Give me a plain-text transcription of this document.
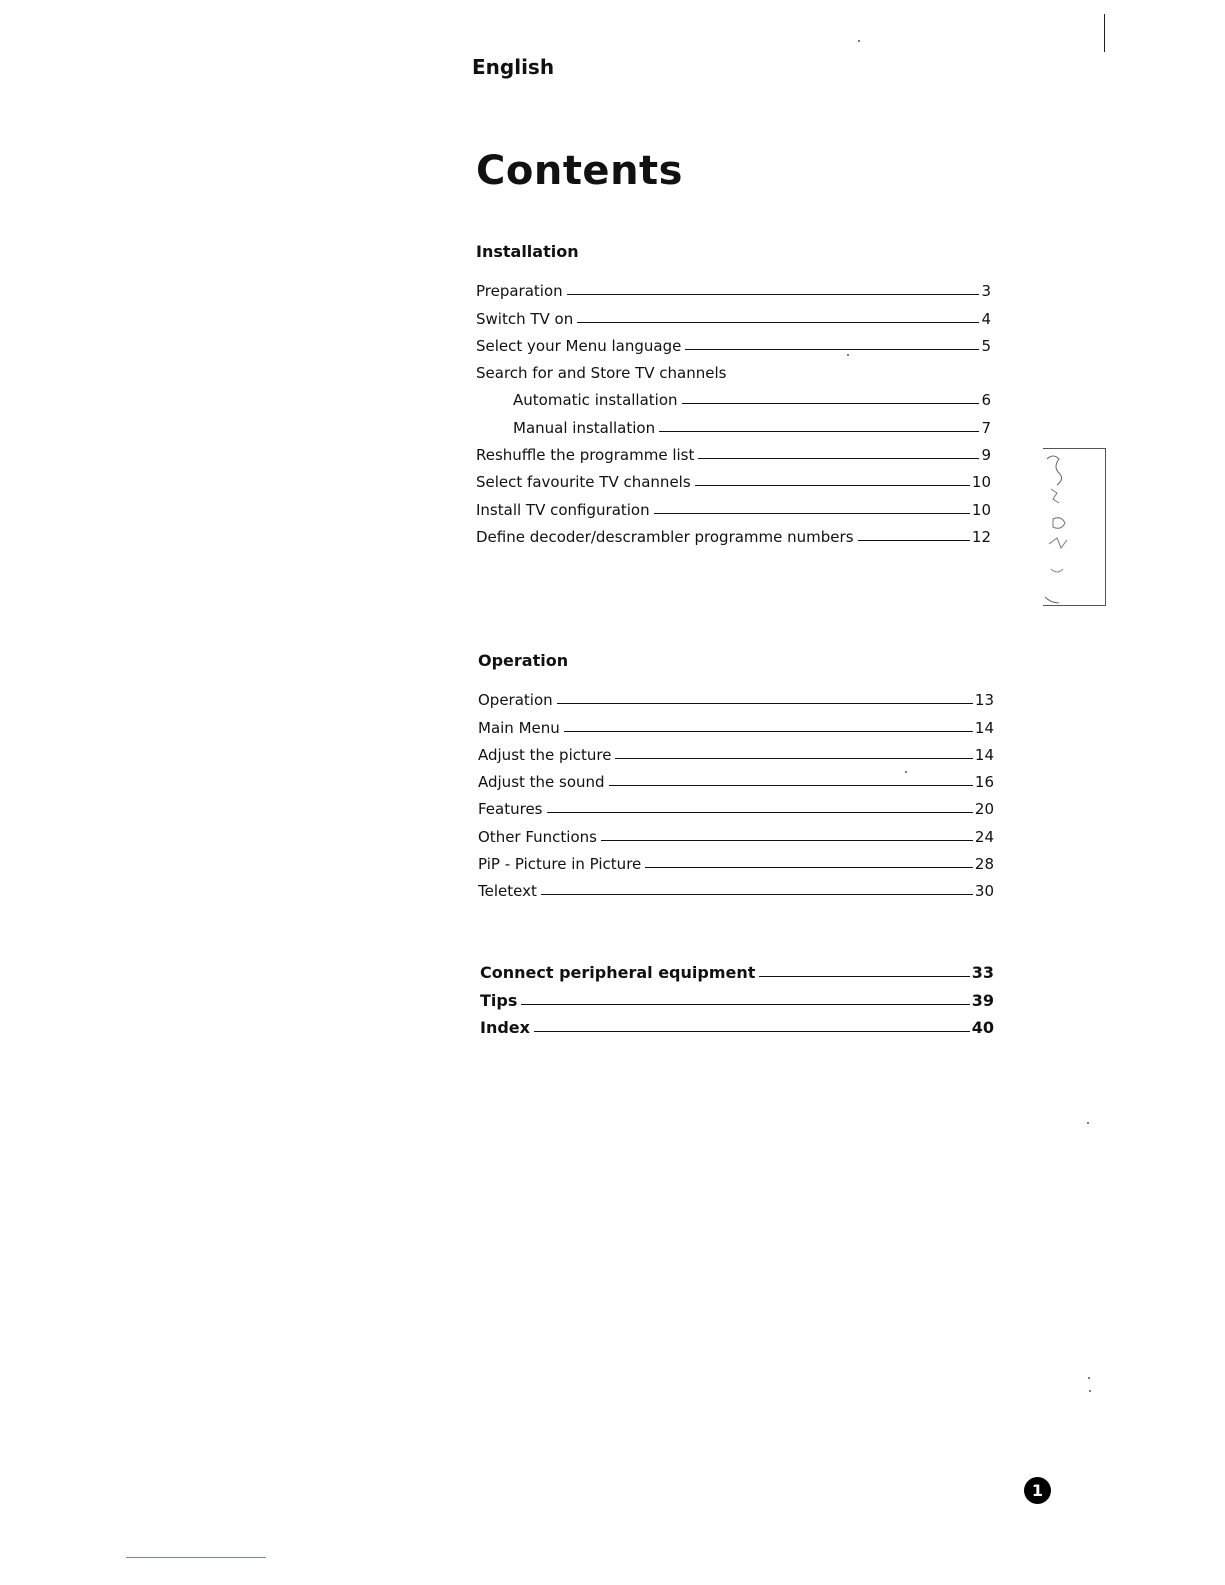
English
Contents
Installation
Preparation	3
Switch TV on	4
Select your Menu language	5
Search for and Store TV channels
Automatic installation	6
Manual installation	7
Reshuffle the programme list	9
Select favourite TV channels	10
Install TV configuration	10
Define decoder/descrambler programme numbers	12
Operation
Operation	13
Main Menu	14
Adjust the picture	14
Adjust the sound	16
Features	20
Other Functions	24
PiP - Picture in Picture	28
Teletext	30
Connect peripheral equipment	33
Tips	39
Index	40
1
